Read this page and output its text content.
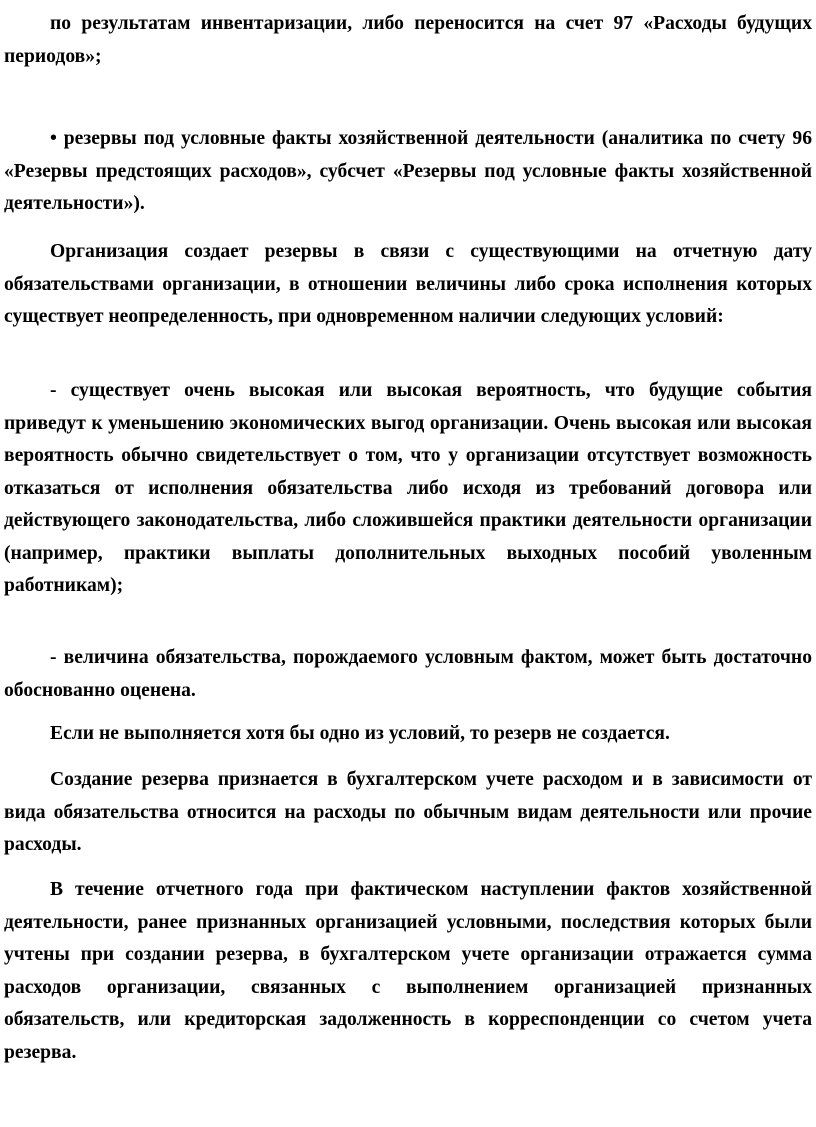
по результатам инвентаризации, либо переносится на счет 97 «Расходы будущих периодов»;

• резервы под условные факты хозяйственной деятельности (аналитика по счету 96 «Резервы предстоящих расходов», субсчет «Резервы под условные факты хозяйственной деятельности»).

Организация создает резервы в связи с существующими на отчетную дату обязательствами организации, в отношении величины либо срока исполнения которых существует неопределенность, при одновременном наличии следующих условий:

- существует очень высокая или высокая вероятность, что будущие события приведут к уменьшению экономических выгод организации. Очень высокая или высокая вероятность обычно свидетельствует о том, что у организации отсутствует возможность отказаться от исполнения обязательства либо исходя из требований договора или действующего законодательства, либо сложившейся практики деятельности организации (например, практики выплаты дополнительных выходных пособий уволенным работникам);

- величина обязательства, порождаемого условным фактом, может быть достаточно обоснованно оценена.

Если не выполняется хотя бы одно из условий, то резерв не создается.

Создание резерва признается в бухгалтерском учете расходом и в зависимости от вида обязательства относится на расходы по обычным видам деятельности или прочие расходы.

В течение отчетного года при фактическом наступлении фактов хозяйственной деятельности, ранее признанных организацией условными, последствия которых были учтены при создании резерва, в бухгалтерском учете организации отражается сумма расходов организации, связанных с выполнением организацией признанных обязательств, или кредиторская задолженность в корреспонденции со счетом учета резерва.
